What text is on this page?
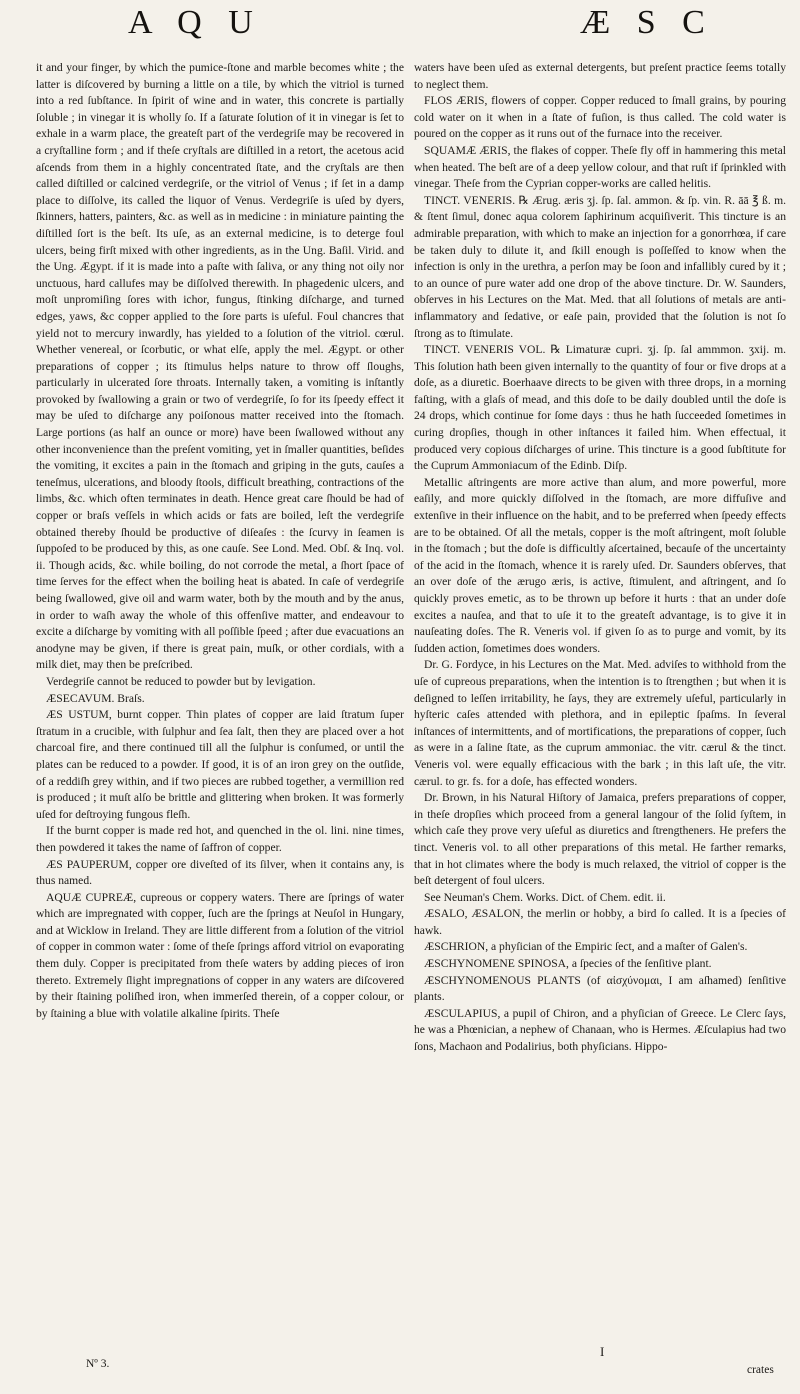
A Q U	Æ S C

it and your finger, by which the pumice-ſtone and marble becomes white ; the latter is diſcovered by burning a little on a tile, by which the vitriol is turned into a red ſubſtance. In ſpirit of wine and in water, this concrete is partially ſoluble ; in vinegar it is wholly ſo. If a ſaturate ſolution of it in vinegar is ſet to exhale in a warm place, the greateſt part of the verdegriſe may be recovered in a cryſtalline form ; and if theſe cryſtals are diſtilled in a retort, the acetous acid aſcends from them in a highly concentrated ſtate, and the cryſtals are then called diſtilled or calcined verdegriſe, or the vitriol of Venus ; if ſet in a damp place to diſſolve, its called the liquor of Venus. Verdegriſe is uſed by dyers, ſkinners, hatters, painters, &c. as well as in medicine : in miniature painting the diſtilled ſort is the beſt. Its uſe, as an external medicine, is to deterge foul ulcers, being firſt mixed with other ingredients, as in the Ung. Baſil. Virid. and the Ung. Ægypt. if it is made into a paſte with ſaliva, or any thing not oily nor unctuous, hard callufes may be diſſolved therewith. In phagedenic ulcers, and moſt unpromiſing ſores with ichor, fungus, ſtinking diſcharge, and turned edges, yaws, &c copper applied to the ſore parts is uſeful. Foul chancres that yield not to mercury inwardly, has yielded to a ſolution of the vitriol. cœrul. Whether venereal, or ſcorbutic, or what elſe, apply the mel. Ægypt. or other preparations of copper ; its ſtimulus helps nature to throw off ſloughs, particularly in ulcerated ſore throats. Internally taken, a vomiting is inſtantly provoked by ſwallowing a grain or two of verdegriſe, ſo for its ſpeedy effect it may be uſed to diſcharge any poiſonous matter received into the ſtomach. Large portions (as half an ounce or more) have been ſwallowed without any other inconvenience than the preſent vomiting, yet in ſmaller quantities, beſides the vomiting, it excites a pain in the ſtomach and griping in the guts, cauſes a teneſmus, ulcerations, and bloody ſtools, difficult breathing, contractions of the limbs, &c. which often terminates in death. Hence great care ſhould be had of copper or braſs veſſels in which acids or fats are boiled, leſt the verdegriſe obtained thereby ſhould be productive of diſeaſes : the ſcurvy in ſeamen is ſuppoſed to be produced by this, as one cauſe. See Lond. Med. Obſ. & Inq. vol. ii. Though acids, &c. while boiling, do not corrode the metal, a ſhort ſpace of time ſerves for the effect when the boiling heat is abated. In caſe of verdegriſe being ſwallowed, give oil and warm water, both by the mouth and by the anus, in order to waſh away the whole of this offenſive matter, and endeavour to excite a diſcharge by vomiting with all poſſible ſpeed ; after due evacuations an anodyne may be given, if there is great pain, muſk, or other cordials, with a milk diet, may then be preſcribed.

Verdegriſe cannot be reduced to powder but by levigation.

ÆSECAVUM. Braſs.

ÆS USTUM, burnt copper. Thin plates of copper are laid ſtratum ſuper ſtratum in a crucible, with ſulphur and ſea ſalt, then they are placed over a hot charcoal fire, and there continued till all the ſulphur is conſumed, or until the plates can be reduced to a powder. If good, it is of an iron grey on the outſide, of a reddiſh grey within, and if two pieces are rubbed together, a vermillion red is produced ; it muſt alſo be brittle and glittering when broken. It was formerly uſed for deſtroying fungous fleſh.

If the burnt copper is made red hot, and quenched in the ol. lini. nine times, then powdered it takes the name of ſaffron of copper.

ÆS PAUPERUM, copper ore diveſted of its ſilver, when it contains any, is thus named.

AQUÆ CUPREÆ, cupreous or coppery waters. There are ſprings of water which are impregnated with copper, ſuch are the ſprings at Neuſol in Hungary, and at Wicklow in Ireland. They are little different from a ſolution of the vitriol of copper in common water : ſome of theſe ſprings afford vitriol on evaporating them duly. Copper is precipitated from theſe waters by adding pieces of iron thereto. Extremely ſlight impregnations of copper in any waters are diſcovered by their ſtaining poliſhed iron, when immerſed therein, of a copper colour, or by ſtaining a blue with volatile alkaline ſpirits. Theſe

waters have been uſed as external detergents, but preſent practice ſeems totally to neglect them.

FLOS ÆRIS, flowers of copper. Copper reduced to ſmall grains, by pouring cold water on it when in a ſtate of fuſion, is thus called. The cold water is poured on the copper as it runs out of the furnace into the receiver.

SQUAMÆ ÆRIS, the flakes of copper. Theſe fly off in hammering this metal when heated. The beſt are of a deep yellow colour, and that ruſt if ſprinkled with vinegar. Theſe from the Cyprian copper-works are called helitis.

TINCT. VENERIS. ℞ Ærug. æris ʒj. ſp. ſal. ammon. & ſp. vin. R. āā ℥ ß. m. & ſtent ſimul, donec aqua colorem ſaphirinum acquiſiverit. This tincture is an admirable preparation, with which to make an injection for a gonorrhœa, if care be taken duly to dilute it, and ſkill enough is poſſeſſed to know when the infection is only in the urethra, a perſon may be ſoon and infallibly cured by it ; to an ounce of pure water add one drop of the above tincture. Dr. W. Saunders, obſerves in his Lectures on the Mat. Med. that all ſolutions of metals are anti-inflammatory and ſedative, or eaſe pain, provided that the ſolution is not ſo ſtrong as to ſtimulate.

TINCT. VENERIS VOL. ℞ Limaturæ cupri. ʒj. ſp. ſal ammmon. ʒxij. m. This ſolution hath been given internally to the quantity of four or five drops at a doſe, as a diuretic. Boerhaave directs to be given with three drops, in a morning faſting, with a glaſs of mead, and this doſe to be daily doubled until the doſe is 24 drops, which continue for ſome days : thus he hath ſucceeded ſometimes in curing dropſies, though in other inſtances it failed him. When effectual, it produced very copious diſcharges of urine. This tincture is a good ſubſtitute for the Cuprum Ammoniacum of the Edinb. Diſp.

Metallic aſtringents are more active than alum, and more powerful, more eaſily, and more quickly diſſolved in the ſtomach, are more diffuſive and extenſive in their influence on the habit, and to be preferred when ſpeedy effects are to be obtained. Of all the metals, copper is the moſt aſtringent, moſt ſoluble in the ſtomach ; but the doſe is difficultly aſcertained, becauſe of the uncertainty of the acid in the ſtomach, whence it is rarely uſed. Dr. Saunders obſerves, that an over doſe of the ærugo æris, is active, ſtimulent, and aſtringent, and ſo quickly proves emetic, as to be thrown up before it hurts : that an under doſe excites a nauſea, and that to uſe it to the greateſt advantage, is to give it in nauſeating doſes. The R. Veneris vol. if given ſo as to purge and vomit, by its ſudden action, ſometimes does wonders.

Dr. G. Fordyce, in his Lectures on the Mat. Med. adviſes to withhold from the uſe of cupreous preparations, when the intention is to ſtrengthen ; but when it is deſigned to leſſen irritability, he ſays, they are extremely uſeful, particularly in hyſteric caſes attended with plethora, and in epileptic ſpaſms. In ſeveral inſtances of intermittents, and of mortifications, the preparations of copper, ſuch as were in a ſaline ſtate, as the cuprum ammoniac. the vitr. cærul & the tinct. Veneris vol. were equally efficacious with the bark ; in this laſt uſe, the vitr. cærul. to gr. fs. for a doſe, has effected wonders.

Dr. Brown, in his Natural Hiſtory of Jamaica, prefers preparations of copper, in theſe dropſies which proceed from a general langour of the ſolid ſyſtem, in which caſe they prove very uſeful as diuretics and ſtrengtheners. He prefers the tinct. Veneris vol. to all other preparations of this metal. He farther remarks, that in hot climates where the body is much relaxed, the vitriol of copper is the beſt detergent of foul ulcers.

See Neuman's Chem. Works. Dict. of Chem. edit. ii.

ÆSALO, ÆSALON, the merlin or hobby, a bird ſo called. It is a ſpecies of hawk.

ÆSCHRION, a phyſician of the Empiric ſect, and a maſter of Galen's.

ÆSCHYNOMENE SPINOSA, a ſpecies of the ſenſitive plant.

ÆSCHYNOMENOUS PLANTS (of αἰσχύνομαι, I am aſhamed) ſenſitive plants.

ÆSCULAPIUS, a pupil of Chiron, and a phyſician of Greece. Le Clerc ſays, he was a Phœnician, a nephew of Chanaan, who is Hermes. Æſculapius had two ſons, Machaon and Podalirius, both phyſicians. Hippo-

Nº 3.
I
crates
